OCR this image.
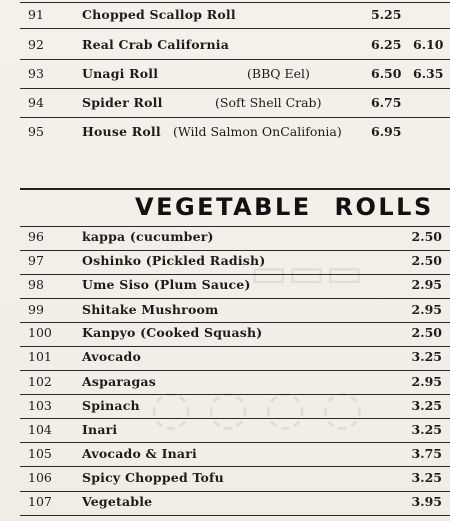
▭▭▭
◌ ◌ ◌ ◌
91	Chopped Scallop Roll	5.25
92	Real Crab California	6.25 6.10
93	Unagi Roll	(BBQ Eel)	6.50 6.35
94	Spider Roll	(Soft Shell Crab)	6.75
95	House Roll (Wild Salmon OnCalifonia) 6.95
VEGETABLE ROLLS
96	kappa (cucumber)	2.50
97	Oshinko (Pickled Radish)	2.50
98	Ume Siso (Plum Sauce)	2.95
99	Shitake Mushroom	2.95
100 Kanpyo (Cooked Squash)	2.50
101 Avocado	3.25
102 Asparagas	2.95
103 Spinach	3.25
104 Inari	3.25
105 Avocado & Inari	3.75
106 Spicy Chopped Tofu	3.25
107 Vegetable	3.95
